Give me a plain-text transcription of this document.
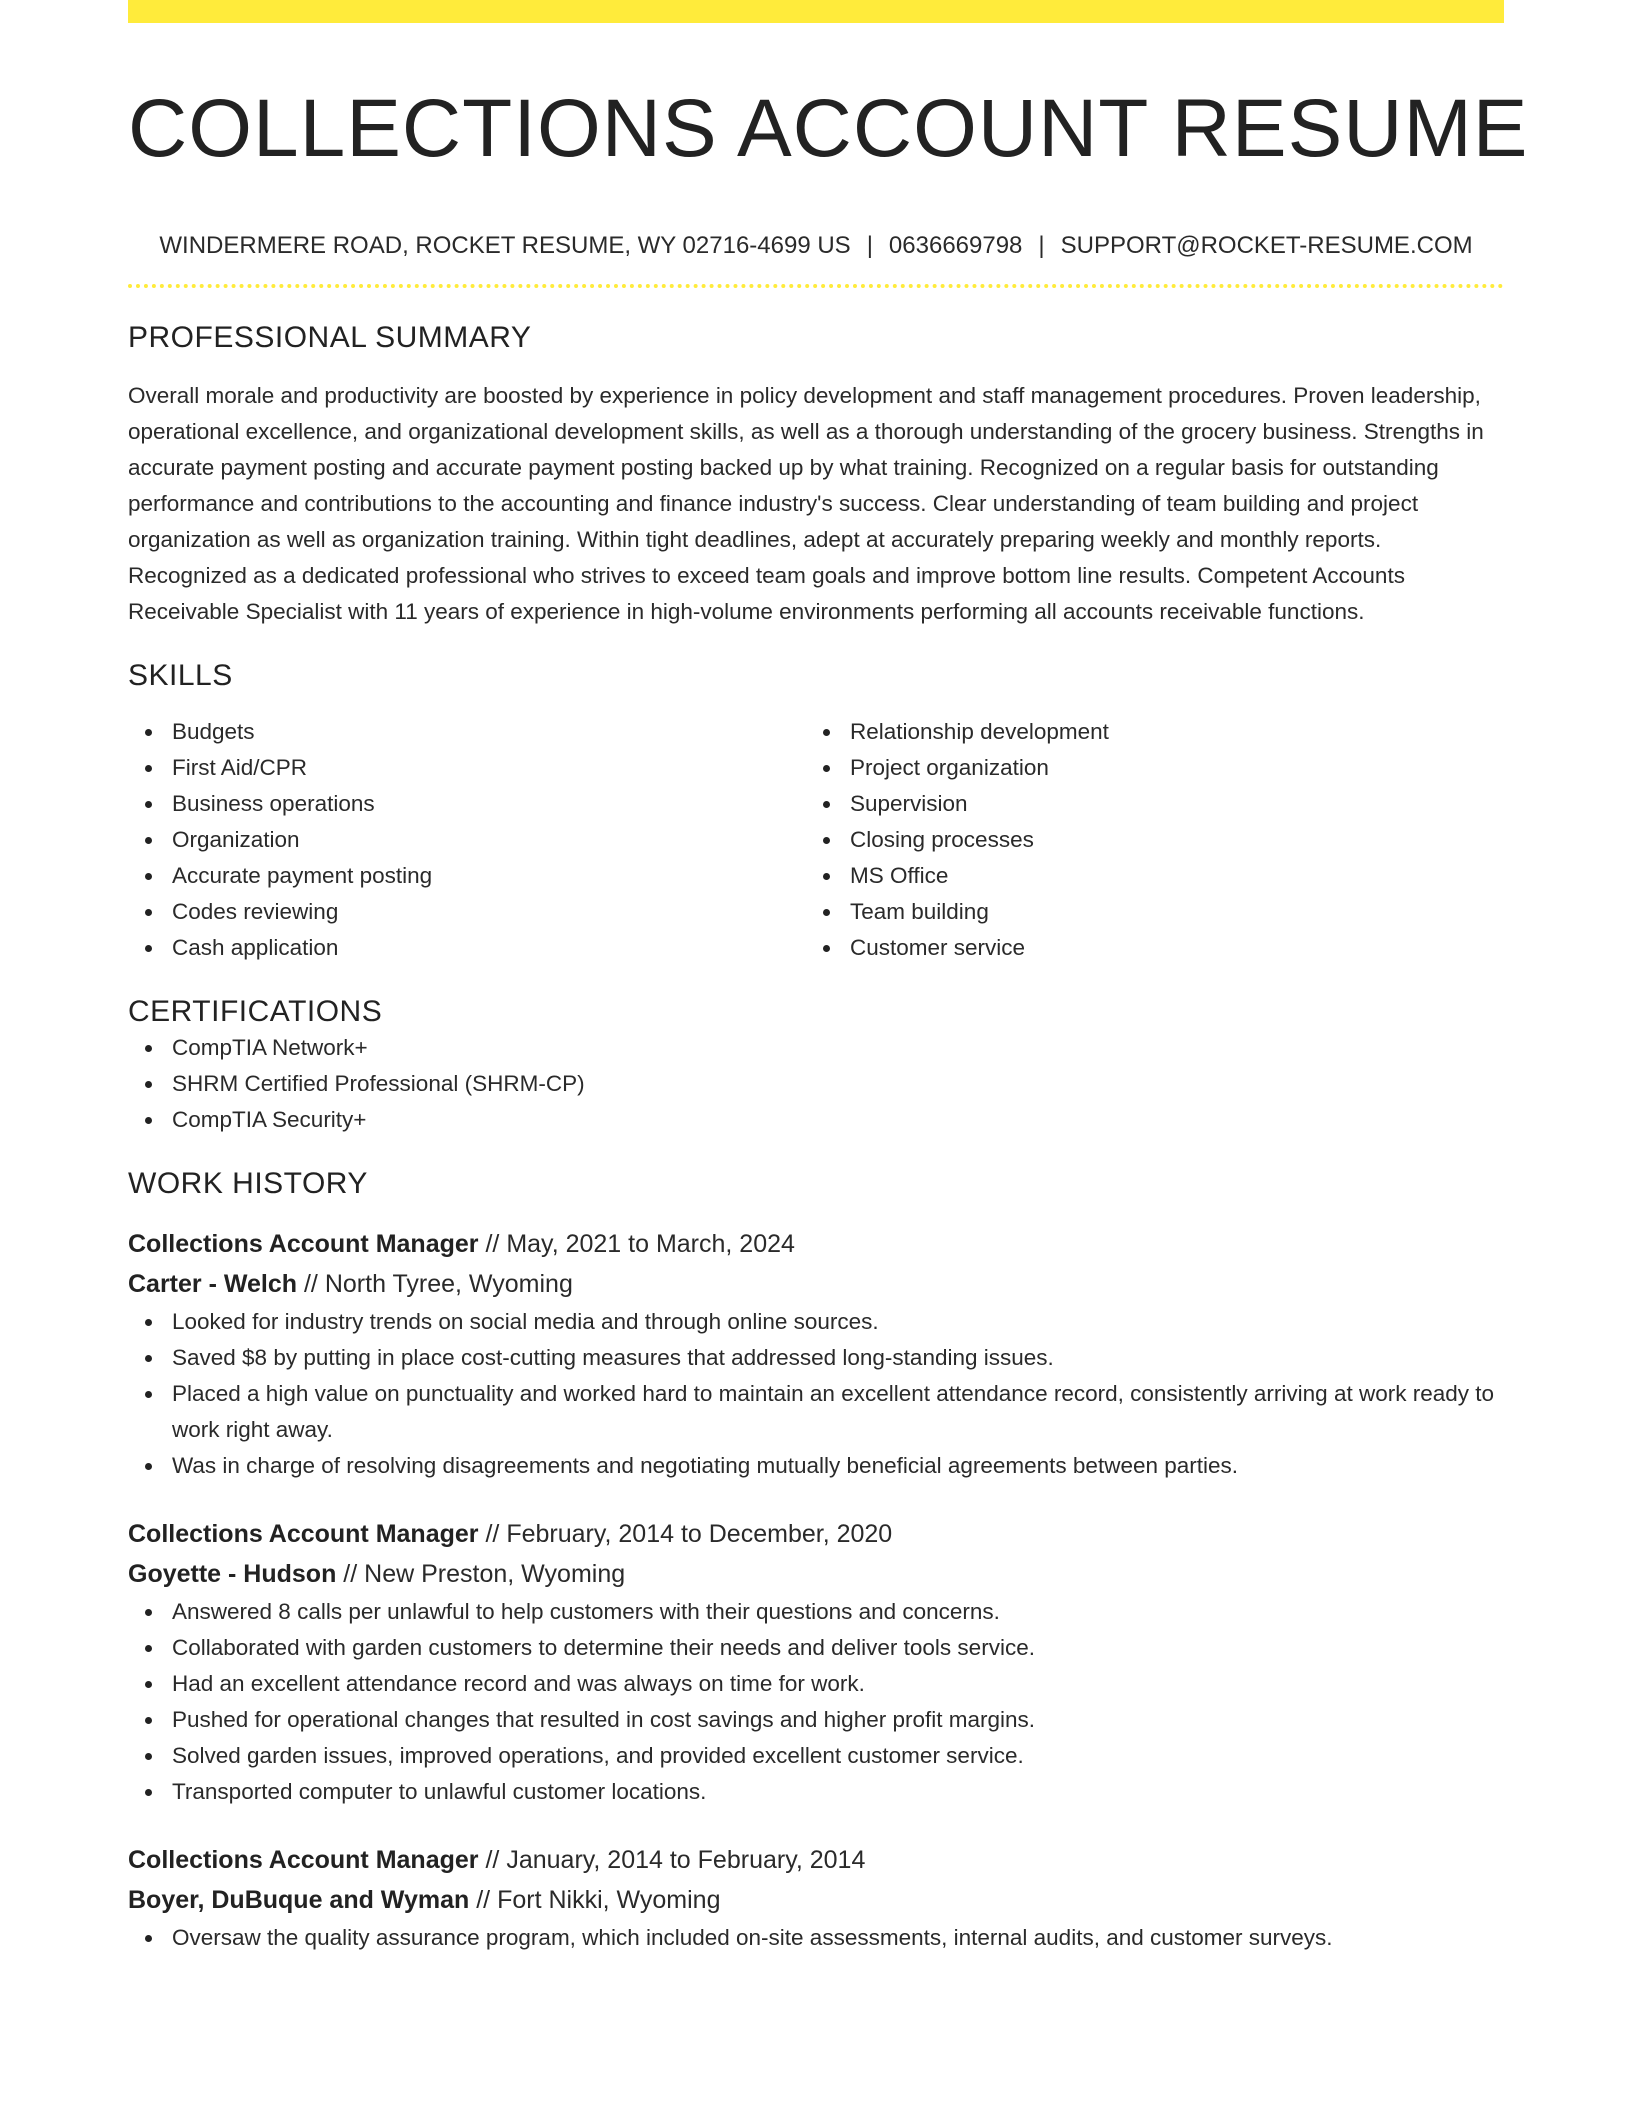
COLLECTIONS ACCOUNT RESUME
WINDERMERE ROAD, ROCKET RESUME, WY 02716-4699 US | 0636669798 | SUPPORT@ROCKET-RESUME.COM
PROFESSIONAL SUMMARY

Overall morale and productivity are boosted by experience in policy development and staff management procedures. Proven leadership, operational excellence, and organizational development skills, as well as a thorough understanding of the grocery business. Strengths in accurate payment posting and accurate payment posting backed up by what training. Recognized on a regular basis for outstanding performance and contributions to the accounting and finance industry's success. Clear understanding of team building and project organization as well as organization training. Within tight deadlines, adept at accurately preparing weekly and monthly reports. Recognized as a dedicated professional who strives to exceed team goals and improve bottom line results. Competent Accounts Receivable Specialist with 11 years of experience in high-volume environments performing all accounts receivable functions.

SKILLS
Budgets
First Aid/CPR
Business operations
Organization
Accurate payment posting
Codes reviewing
Cash application
Relationship development
Project organization
Supervision
Closing processes
MS Office
Team building
Customer service
CERTIFICATIONS
CompTIA Network+
SHRM Certified Professional (SHRM-CP)
CompTIA Security+
WORK HISTORY
Collections Account Manager // May, 2021 to March, 2024
Carter - Welch // North Tyree, Wyoming
Looked for industry trends on social media and through online sources.
Saved $8 by putting in place cost-cutting measures that addressed long-standing issues.
Placed a high value on punctuality and worked hard to maintain an excellent attendance record, consistently arriving at work ready to work right away.
Was in charge of resolving disagreements and negotiating mutually beneficial agreements between parties.
Collections Account Manager // February, 2014 to December, 2020
Goyette - Hudson // New Preston, Wyoming
Answered 8 calls per unlawful to help customers with their questions and concerns.
Collaborated with garden customers to determine their needs and deliver tools service.
Had an excellent attendance record and was always on time for work.
Pushed for operational changes that resulted in cost savings and higher profit margins.
Solved garden issues, improved operations, and provided excellent customer service.
Transported computer to unlawful customer locations.
Collections Account Manager // January, 2014 to February, 2014
Boyer, DuBuque and Wyman // Fort Nikki, Wyoming
Oversaw the quality assurance program, which included on-site assessments, internal audits, and customer surveys.
